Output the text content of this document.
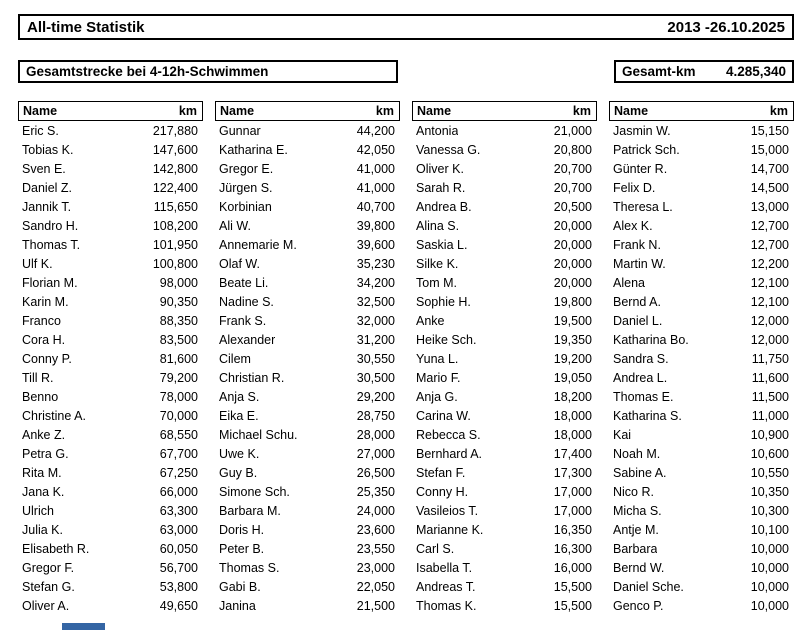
All-time Statistik	2013 -26.10.2025
Gesamtstrecke bei 4-12h-Schwimmen	Gesamt-km 4.285,340
Name	km
Eric S.	217,880
Tobias K.	147,600
Sven E.	142,800
Daniel Z.	122,400
Jannik T.	115,650
Sandro H.	108,200
Thomas T.	101,950
Ulf K.	100,800
Florian M.	98,000
Karin M.	90,350
Franco	88,350
Cora H.	83,500
Conny P.	81,600
Till R.	79,200
Benno	78,000
Christine A.	70,000
Anke Z.	68,550
Petra G.	67,700
Rita M.	67,250
Jana K.	66,000
Ulrich	63,300
Julia K.	63,000
Elisabeth R.	60,050
Gregor F.	56,700
Stefan G.	53,800
Oliver A.	49,650
Name	km
Gunnar	44,200
Katharina E.	42,050
Gregor E.	41,000
Jürgen S.	41,000
Korbinian	40,700
Ali W.	39,800
Annemarie M.	39,600
Olaf W.	35,230
Beate Li.	34,200
Nadine S.	32,500
Frank S.	32,000
Alexander	31,200
Cilem	30,550
Christian R.	30,500
Anja S.	29,200
Eika E.	28,750
Michael Schu.	28,000
Uwe K.	27,000
Guy B.	26,500
Simone Sch.	25,350
Barbara M.	24,000
Doris H.	23,600
Peter B.	23,550
Thomas S.	23,000
Gabi B.	22,050
Janina	21,500
Name	km
Antonia	21,000
Vanessa G.	20,800
Oliver K.	20,700
Sarah R.	20,700
Andrea B.	20,500
Alina S.	20,000
Saskia L.	20,000
Silke K.	20,000
Tom M.	20,000
Sophie H.	19,800
Anke	19,500
Heike Sch.	19,350
Yuna L.	19,200
Mario F.	19,050
Anja G.	18,200
Carina W.	18,000
Rebecca S.	18,000
Bernhard A.	17,400
Stefan F.	17,300
Conny H.	17,000
Vasileios T.	17,000
Marianne K.	16,350
Carl S.	16,300
Isabella T.	16,000
Andreas T.	15,500
Thomas K.	15,500
Name	km
Jasmin W.	15,150
Patrick Sch.	15,000
Günter R.	14,700
Felix D.	14,500
Theresa L.	13,000
Alex K.	12,700
Frank N.	12,700
Martin W.	12,200
Alena	12,100
Bernd A.	12,100
Daniel L.	12,000
Katharina Bo.	12,000
Sandra S.	11,750
Andrea L.	11,600
Thomas E.	11,500
Katharina S.	11,000
Kai	10,900
Noah M.	10,600
Sabine A.	10,550
Nico R.	10,350
Micha S.	10,300
Antje M.	10,100
Barbara	10,000
Bernd W.	10,000
Daniel Sche.	10,000
Genco P.	10,000
